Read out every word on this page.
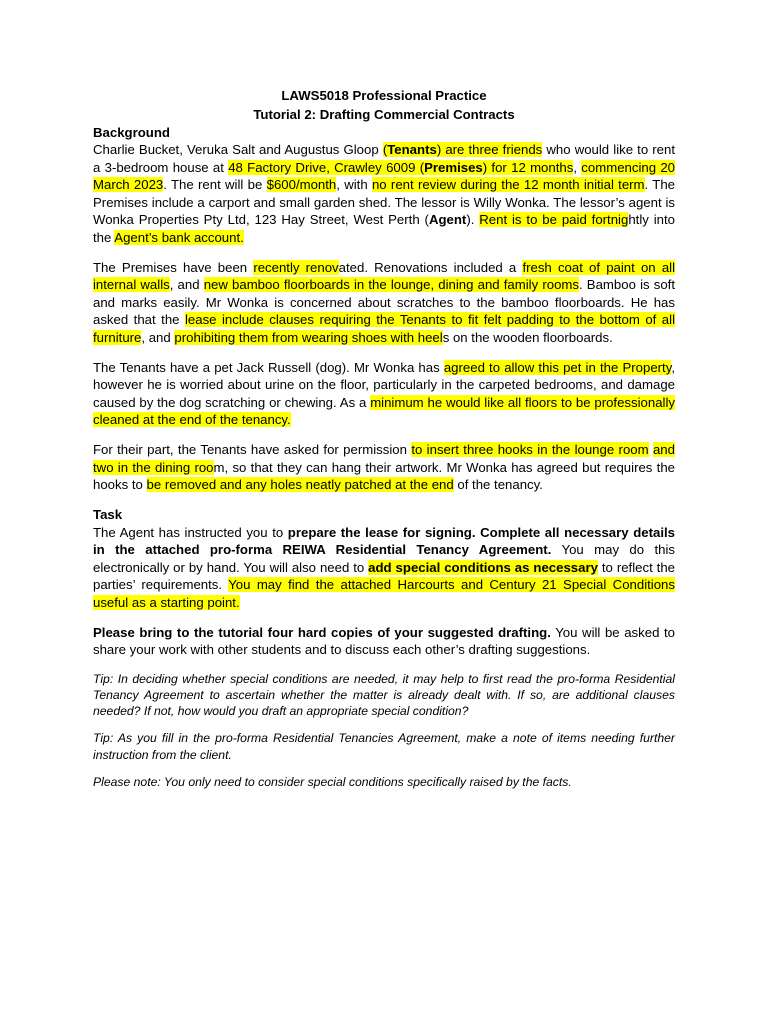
LAWS5018 Professional Practice

Tutorial 2: Drafting Commercial Contracts

Background

Charlie Bucket, Veruka Salt and Augustus Gloop (Tenants) are three friends who would like to rent a 3-bedroom house at 48 Factory Drive, Crawley 6009 (Premises) for 12 months, commencing 20 March 2023. The rent will be $600/month, with no rent review during the 12 month initial term. The Premises include a carport and small garden shed. The lessor is Willy Wonka. The lessor’s agent is Wonka Properties Pty Ltd, 123 Hay Street, West Perth (Agent). Rent is to be paid fortnightly into the Agent’s bank account.

The Premises have been recently renovated. Renovations included a fresh coat of paint on all internal walls, and new bamboo floorboards in the lounge, dining and family rooms. Bamboo is soft and marks easily. Mr Wonka is concerned about scratches to the bamboo floorboards. He has asked that the lease include clauses requiring the Tenants to fit felt padding to the bottom of all furniture, and prohibiting them from wearing shoes with heels on the wooden floorboards.

The Tenants have a pet Jack Russell (dog). Mr Wonka has agreed to allow this pet in the Property, however he is worried about urine on the floor, particularly in the carpeted bedrooms, and damage caused by the dog scratching or chewing. As a minimum he would like all floors to be professionally cleaned at the end of the tenancy.

For their part, the Tenants have asked for permission to insert three hooks in the lounge room and two in the dining room, so that they can hang their artwork. Mr Wonka has agreed but requires the hooks to be removed and any holes neatly patched at the end of the tenancy.

Task

The Agent has instructed you to prepare the lease for signing. Complete all necessary details in the attached pro-forma REIWA Residential Tenancy Agreement. You may do this electronically or by hand. You will also need to add special conditions as necessary to reflect the parties’ requirements. You may find the attached Harcourts and Century 21 Special Conditions useful as a starting point.

Please bring to the tutorial four hard copies of your suggested drafting. You will be asked to share your work with other students and to discuss each other’s drafting suggestions.

Tip: In deciding whether special conditions are needed, it may help to first read the pro-forma Residential Tenancy Agreement to ascertain whether the matter is already dealt with. If so, are additional clauses needed? If not, how would you draft an appropriate special condition?

Tip: As you fill in the pro-forma Residential Tenancies Agreement, make a note of items needing further instruction from the client.

Please note: You only need to consider special conditions specifically raised by the facts.
